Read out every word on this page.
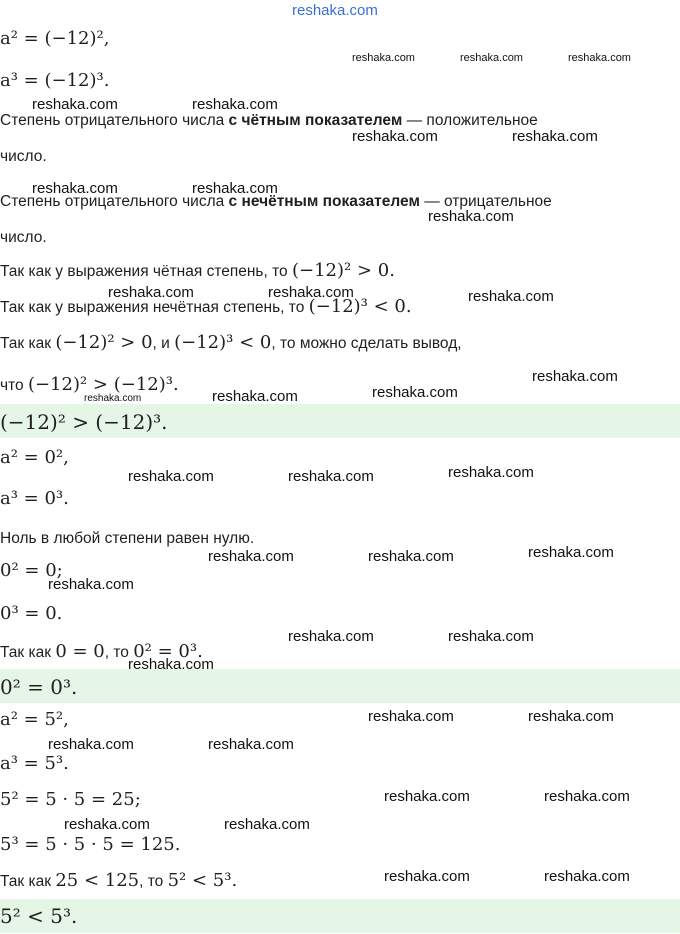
reshaka.com
a² = (−12)²,
a³ = (−12)³.
Степень отрицательного числа с чётным показателем — положительное
число.
Степень отрицательного числа с нечётным показателем — отрицательное
число.
Так как у выражения чётная степень, то (−12)² > 0.
Так как у выражения нечётная степень, то (−12)³ < 0.
Так как (−12)² > 0, и (−12)³ < 0, то можно сделать вывод,
что (−12)² > (−12)³.
(−12)² > (−12)³.
a² = 0²,
a³ = 0³.
Ноль в любой степени равен нулю.
0² = 0;
0³ = 0.
Так как 0 = 0, то 0² = 0³.
0² = 0³.
a² = 5²,
a³ = 5³.
5² = 5 · 5 = 25;
5³ = 5 · 5 · 5 = 125.
Так как 25 < 125, то 5² < 5³.
5² < 5³.
reshaka.com	reshaka.com	reshaka.com
reshaka.com	reshaka.com
reshaka.com	reshaka.com
reshaka.com	reshaka.com
reshaka.com
reshaka.com	reshaka.com	reshaka.com
reshaka.com
reshaka.com	reshaka.com	reshaka.com
reshaka.com	reshaka.com	reshaka.com
reshaka.com	reshaka.com	reshaka.com
reshaka.com
reshaka.com	reshaka.com
reshaka.com
reshaka.com	reshaka.com
reshaka.com	reshaka.com
reshaka.com	reshaka.com
reshaka.com	reshaka.com
reshaka.com	reshaka.com
